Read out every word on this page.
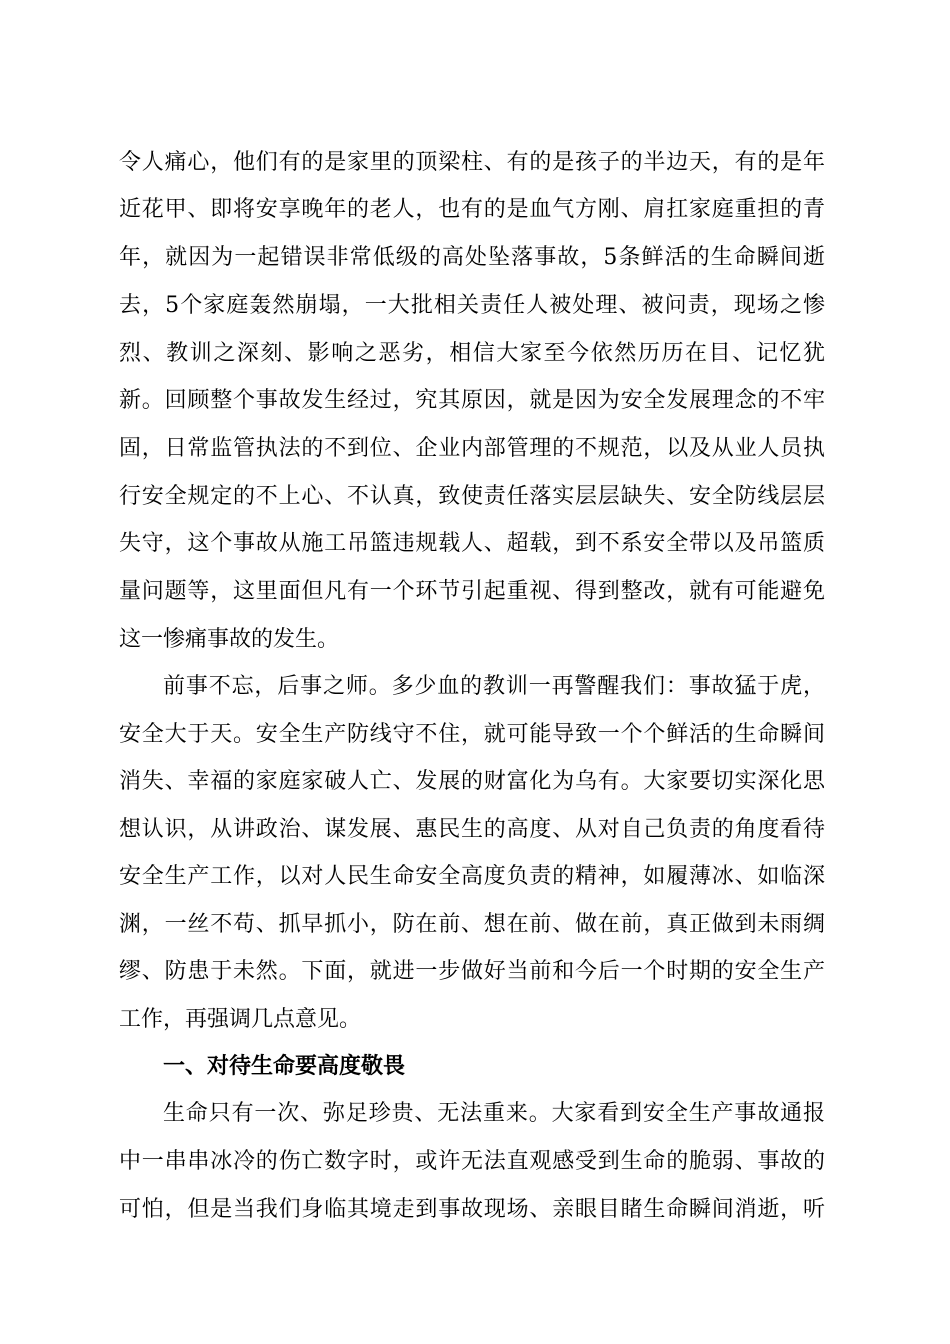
令人痛心，他们有的是家里的顶梁柱、有的是孩子的半边天，有的是年
近花甲、即将安享晚年的老人，也有的是血气方刚、肩扛家庭重担的青
年，就因为一起错误非常低级的高处坠落事故，5条鲜活的生命瞬间逝
去，5个家庭轰然崩塌，一大批相关责任人被处理、被问责，现场之惨
烈、教训之深刻、影响之恶劣，相信大家至今依然历历在目、记忆犹
新。回顾整个事故发生经过，究其原因，就是因为安全发展理念的不牢
固，日常监管执法的不到位、企业内部管理的不规范，以及从业人员执
行安全规定的不上心、不认真，致使责任落实层层缺失、安全防线层层
失守，这个事故从施工吊篮违规载人、超载，到不系安全带以及吊篮质
量问题等，这里面但凡有一个环节引起重视、得到整改，就有可能避免
这一惨痛事故的发生。
前事不忘，后事之师。多少血的教训一再警醒我们：事故猛于虎，
安全大于天。安全生产防线守不住，就可能导致一个个鲜活的生命瞬间
消失、幸福的家庭家破人亡、发展的财富化为乌有。大家要切实深化思
想认识，从讲政治、谋发展、惠民生的高度、从对自己负责的角度看待
安全生产工作，以对人民生命安全高度负责的精神，如履薄冰、如临深
渊，一丝不苟、抓早抓小，防在前、想在前、做在前，真正做到未雨绸
缪、防患于未然。下面，就进一步做好当前和今后一个时期的安全生产
工作，再强调几点意见。
一、对待生命要高度敬畏
生命只有一次、弥足珍贵、无法重来。大家看到安全生产事故通报
中一串串冰冷的伤亡数字时，或许无法直观感受到生命的脆弱、事故的
可怕，但是当我们身临其境走到事故现场、亲眼目睹生命瞬间消逝，听
